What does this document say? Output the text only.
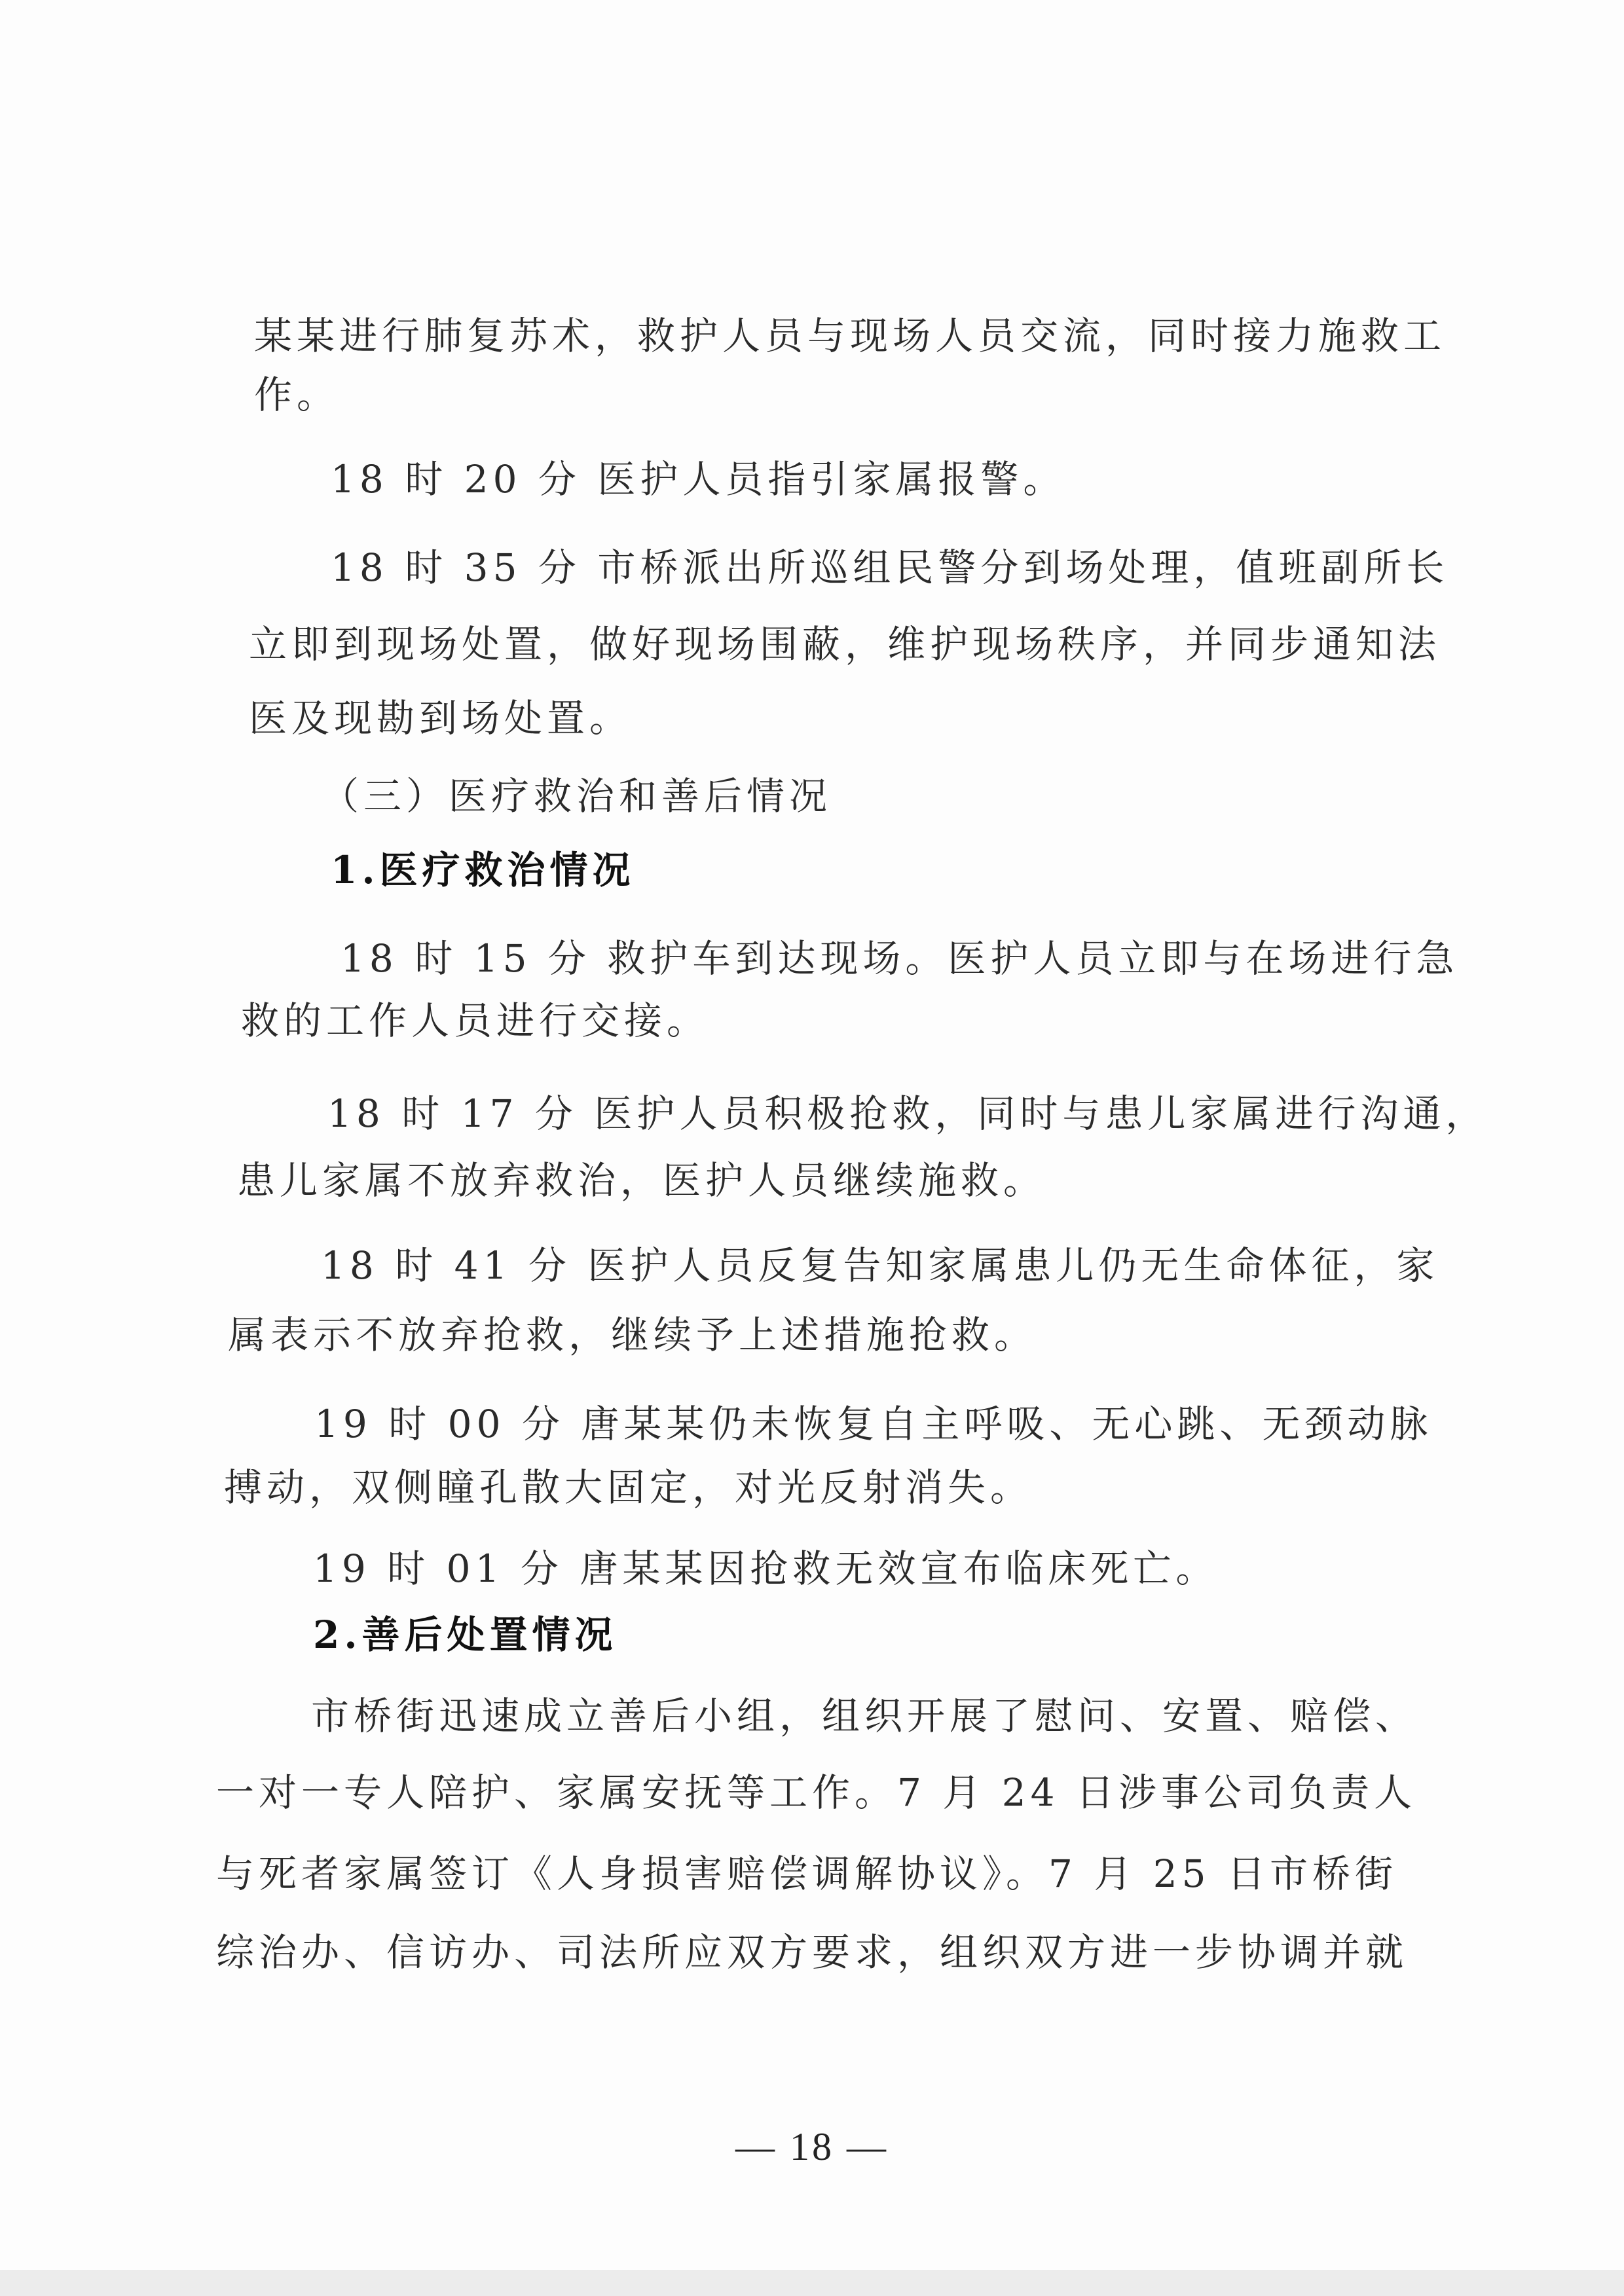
某某进行肺复苏术，救护人员与现场人员交流，同时接力施救工
作。
18 时 20 分 医护人员指引家属报警。
18 时 35 分 市桥派出所巡组民警分到场处理，值班副所长
立即到现场处置，做好现场围蔽，维护现场秩序，并同步通知法
医及现勘到场处置。
（三）医疗救治和善后情况
1.医疗救治情况
18 时 15 分 救护车到达现场。医护人员立即与在场进行急
救的工作人员进行交接。
18 时 17 分 医护人员积极抢救，同时与患儿家属进行沟通，
患儿家属不放弃救治，医护人员继续施救。
18 时 41 分 医护人员反复告知家属患儿仍无生命体征，家
属表示不放弃抢救，继续予上述措施抢救。
19 时 00 分 唐某某仍未恢复自主呼吸、无心跳、无颈动脉
搏动，双侧瞳孔散大固定，对光反射消失。
19 时 01 分 唐某某因抢救无效宣布临床死亡。
2.善后处置情况
市桥街迅速成立善后小组，组织开展了慰问、安置、赔偿、
一对一专人陪护、家属安抚等工作。7 月 24 日涉事公司负责人
与死者家属签订《人身损害赔偿调解协议》。7 月 25 日市桥街
综治办、信访办、司法所应双方要求，组织双方进一步协调并就
— 18 —
